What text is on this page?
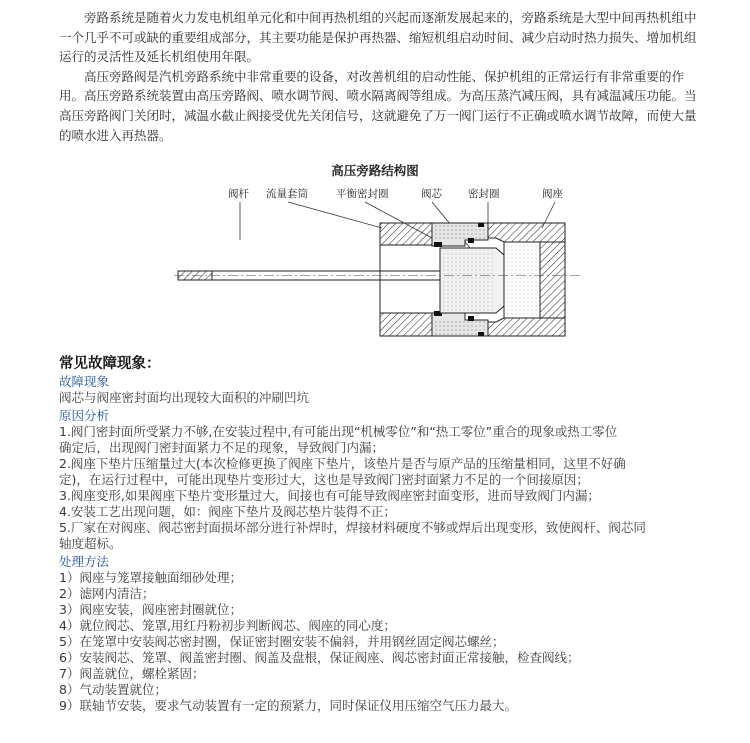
旁路系统是随着火力发电机组单元化和中间再热机组的兴起而逐渐发展起来的，旁路系统是大型中间再热机组中一个几乎不可或缺的重要组成部分，其主要功能是保护再热器、缩短机组启动时间、减少启动时热力损失、增加机组运行的灵活性及延长机组使用年限。

高压旁路阀是汽机旁路系统中非常重要的设备，对改善机组的启动性能、保护机组的正常运行有非常重要的作用。高压旁路系统装置由高压旁路阀、喷水调节阀、喷水隔离阀等组成。为高压蒸汽减压阀，具有减温减压功能。当高压旁路阀门关闭时，减温水截止阀接受优先关闭信号，这就避免了万一阀门运行不正确或喷水调节故障，而使大量的喷水进入再热器。

高压旁路结构图
阀杆 流量套筒	平衡密封圈	阀芯 密封圈	阀座

常见故障现象：

故障现象

阀芯与阀座密封面均出现较大面积的冲刷凹坑

原因分析

1.阀门密封面所受紧力不够,在安装过程中,有可能出现“机械零位”和“热工零位”重合的现象或热工零位

确定后，出现阀门密封面紧力不足的现象，导致阀门内漏；

2.阀座下垫片压缩量过大(本次检修更换了阀座下垫片，该垫片是否与原产品的压缩量相同，这里不好确

定)，在运行过程中，可能出现垫片变形过大，这也是导致阀门密封面紧力不足的一个间接原因；

3.阀座变形,如果阀座下垫片变形量过大，间接也有可能导致阀座密封面变形，进而导致阀门内漏；

4.安装工艺出现问题，如：阀座下垫片及阀芯垫片装得不正；

5.厂家在对阀座、阀芯密封面损坏部分进行补焊时，焊接材料硬度不够或焊后出现变形，致使阀杆、阀芯同

轴度超标。

处理方法

1）阀座与笼罩接触面细砂处理；

2）滤网内清洁；

3）阀座安装，阀座密封圈就位；

4）就位阀芯、笼罩,用红丹粉初步判断阀芯、阀座的同心度；

5）在笼罩中安装阀芯密封圈，保证密封圈安装不偏斜，并用钢丝固定阀芯螺丝；

6）安装阀芯、笼罩、阀盖密封圈、阀盖及盘根，保证阀座、阀芯密封面正常接触，检查阀线；

7）阀盖就位，螺栓紧固；

8）气动装置就位；

9）联轴节安装，要求气动装置有一定的预紧力，同时保证仪用压缩空气压力最大。
